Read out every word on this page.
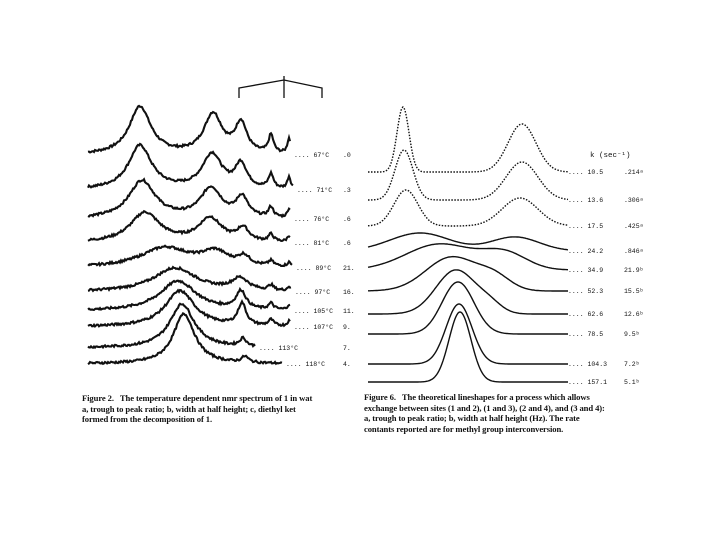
.... 67°C .0
.... 71°C .3
.... 76°C .6
.... 81°C .6
.... 89°C 21.
.... 97°C 16.
.... 105°C 11.
.... 107°C 9.
.... 113°C	7.
.... 118°C	4.
k (sec⁻¹)
.... 10.5	.214ᵃ
.... 13.6	.306ᵃ
.... 17.5	.425ᵃ
.... 24.2	.846ᵃ
.... 34.9	21.9ᵇ
.... 52.3	15.5ᵇ
.... 62.6	12.6ᵇ
.... 78.5	9.5ᵇ
.... 104.3	7.2ᵇ
.... 157.1	5.1ᵇ
Figure 2. The temperature dependent nmr spectrum of 1 in wat
a, trough to peak ratio; b, width at half height; c, diethyl ket
formed from the decomposition of 1.
Figure 6. The theoretical lineshapes for a process which allows
exchange between sites (1 and 2), (1 and 3), (2 and 4), and (3 and 4):
a, trough to peak ratio; b, width at half height (Hz). The rate
contants reported are for methyl group interconversion.
